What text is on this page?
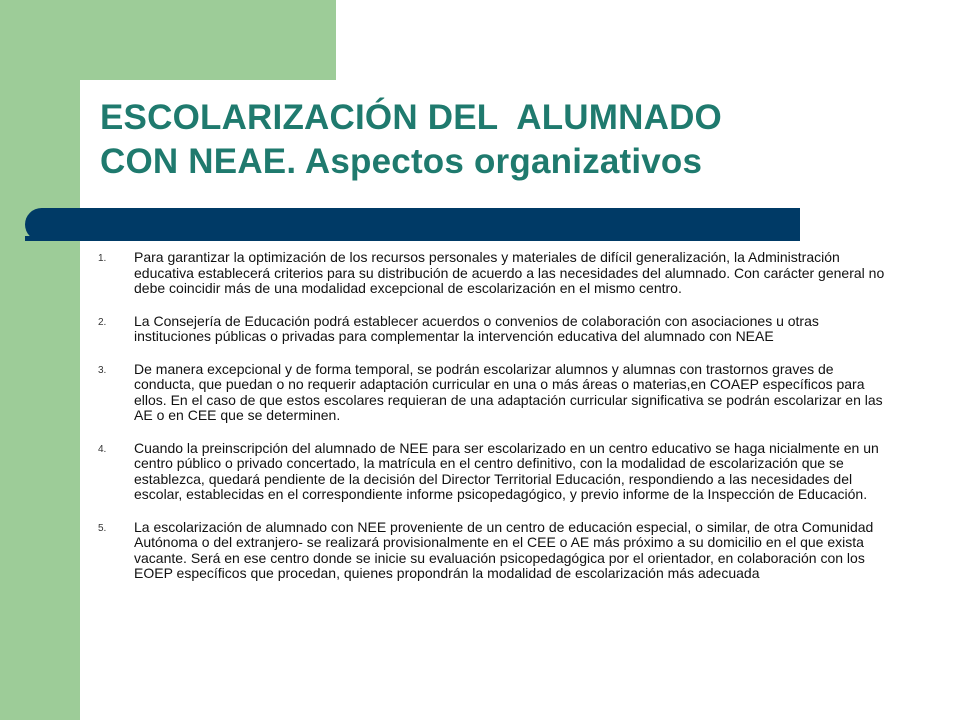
ESCOLARIZACIÓN DEL  ALUMNADO
CON NEAE. Aspectos organizativos
1. Para garantizar la optimización de los recursos personales y materiales de difícil generalización, la Administración educativa establecerá criterios para su distribución de acuerdo a las necesidades del alumnado. Con carácter general no debe coincidir más de una modalidad excepcional de escolarización en el mismo centro.
2. La Consejería de Educación podrá establecer acuerdos o convenios de colaboración con asociaciones u otras instituciones públicas o privadas para complementar la intervención educativa del alumnado con NEAE
3. De manera excepcional y de forma temporal, se podrán escolarizar alumnos y alumnas con trastornos graves de conducta, que puedan o no requerir adaptación curricular en una o más áreas o materias,en COAEP específicos para ellos. En el caso de que estos escolares requieran de una adaptación curricular significativa se podrán escolarizar en las AE o en CEE que se determinen.
4. Cuando la preinscripción del alumnado de NEE para ser escolarizado en un centro educativo se haga nicialmente en un centro público o privado concertado, la matrícula en el centro definitivo, con la modalidad de escolarización que se establezca, quedará pendiente de la decisión del Director Territorial Educación, respondiendo a las necesidades del escolar, establecidas en el correspondiente informe psicopedagógico, y previo informe de la Inspección de Educación.
5. La escolarización de alumnado con NEE proveniente de un centro de educación especial, o similar, de otra Comunidad Autónoma o del extranjero- se realizará provisionalmente en el CEE o AE más próximo a su domicilio en el que exista vacante. Será en ese centro donde se inicie su evaluación psicopedagógica por el orientador, en colaboración con los EOEP específicos que procedan, quienes propondrán la modalidad de escolarización más adecuada
